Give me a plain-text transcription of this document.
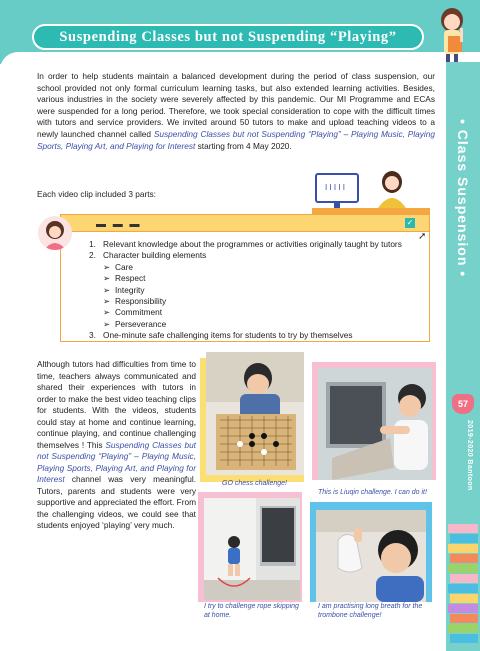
Suspending Classes but not Suspending “Playing”
• Class Suspension •
57
2019-2020 Bantoon
In order to help students maintain a balanced development during the period of class suspension, our school provided not only formal curriculum learning tasks, but also extended learning activities. Besides, various industries in the society were severely affected by this pandemic. Our MI Programme and ECAs were suspended for a long period. Therefore, we took special consideration to cope with the difficult times with tutors and service providers. We invited around 50 tutors to make and upload teaching videos to a newly launched channel called Suspending Classes but not Suspending “Playing” – Playing Music, Playing Sports, Playing Art, and Playing for Interest starting from 4 May 2020.
Each video clip included 3 parts:
I I I I I
▬ ▬ ▬	✓
➚
1. Relevant knowledge about the programmes or activities originally taught by tutors
2. Character building elements
➢ Care
➢ Respect
➢ Integrity
➢ Responsibility
➢ Commitment
➢ Perseverance
3. One-minute safe challenging items for students to try by themselves
Although tutors had difficulties from time to time, teachers always communicated and shared their experiences with tutors in order to make the best video teaching clips for students. With the videos, students could stay at home and continue learning, continue playing, and continue challenging themselves ! This Suspending Classes but not Suspending “Playing” – Playing Music, Playing Sports, Playing Art, and Playing for Interest channel was very meaningful. Tutors, parents and students were very supportive and appreciated the effort. From the challenging videos, we could see that students enjoyed ‘playing’ very much.
GO chess challenge!
This is Liuqin challenge. I can do it!
I try to challenge rope skipping at home.
I am practising long breath for the trombone challenge!
